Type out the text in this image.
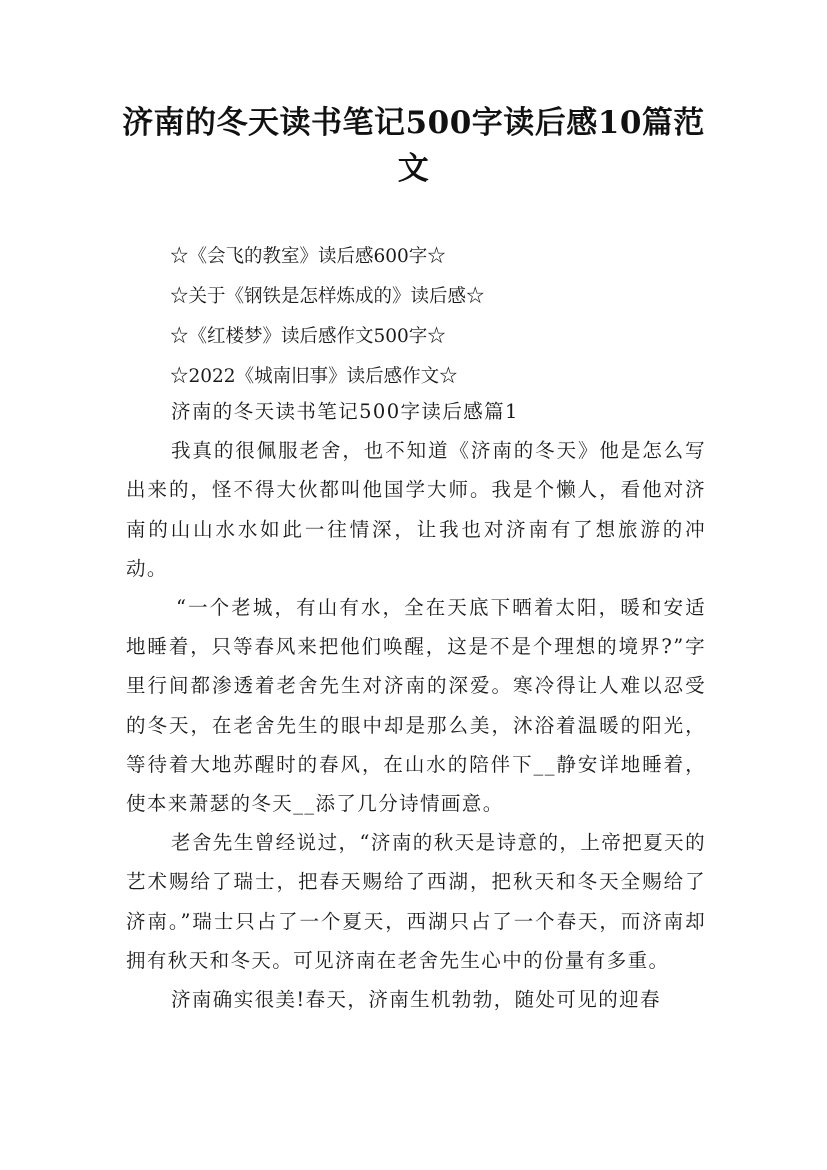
济南的冬天读书笔记500字读后感10篇范文
☆《会飞的教室》读后感600字☆
☆关于《钢铁是怎样炼成的》读后感☆
☆《红楼梦》读后感作文500字☆
☆2022《城南旧事》读后感作文☆
济南的冬天读书笔记500字读后感篇1

我真的很佩服老舍，也不知道《济南的冬天》他是怎么写出来的，怪不得大伙都叫他国学大师。我是个懒人，看他对济南的山山水水如此一往情深，让我也对济南有了想旅游的冲动。

“一个老城，有山有水，全在天底下晒着太阳，暖和安适地睡着，只等春风来把他们唤醒，这是不是个理想的境界?”字里行间都渗透着老舍先生对济南的深爱。寒冷得让人难以忍受的冬天，在老舍先生的眼中却是那么美，沐浴着温暖的阳光，等待着大地苏醒时的春风，在山水的陪伴下__静安详地睡着，使本来萧瑟的冬天__添了几分诗情画意。

老舍先生曾经说过，“济南的秋天是诗意的，上帝把夏天的艺术赐给了瑞士，把春天赐给了西湖，把秋天和冬天全赐给了济南。”瑞士只占了一个夏天，西湖只占了一个春天，而济南却拥有秋天和冬天。可见济南在老舍先生心中的份量有多重。

济南确实很美!春天，济南生机勃勃，随处可见的迎春
